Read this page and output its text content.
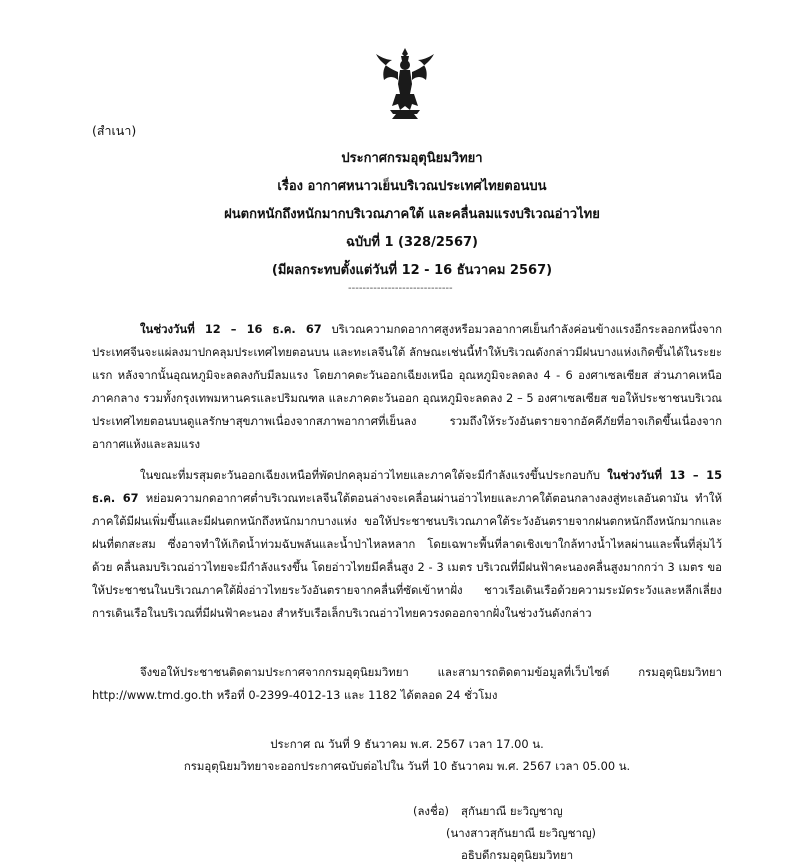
(สำเนา)
ประกาศกรมอุตุนิยมวิทยา
เรื่อง อากาศหนาวเย็นบริเวณประเทศไทยตอนบน
ฝนตกหนักถึงหนักมากบริเวณภาคใต้ และคลื่นลมแรงบริเวณอ่าวไทย
ฉบับที่ 1 (328/2567)
(มีผลกระทบตั้งแต่วันที่ 12 - 16 ธันวาคม 2567)
-----------------------------

ในช่วงวันที่ 12 – 16 ธ.ค. 67 บริเวณความกดอากาศสูงหรือมวลอากาศเย็นกำลังค่อนข้างแรงอีกระลอกหนึ่งจากประเทศจีนจะแผ่ลงมาปกคลุมประเทศไทยตอนบน และทะเลจีนใต้ ลักษณะเช่นนี้ทำให้บริเวณดังกล่าวมีฝนบางแห่งเกิดขึ้นได้ในระยะแรก หลังจากนั้นอุณหภูมิจะลดลงกับมีลมแรง โดยภาคตะวันออกเฉียงเหนือ อุณหภูมิจะลดลง 4 - 6 องศาเซลเซียส ส่วนภาคเหนือ ภาคกลาง รวมทั้งกรุงเทพมหานครและปริมณฑล และภาคตะวันออก อุณหภูมิจะลดลง 2 – 5 องศาเซลเซียส ขอให้ประชาชนบริเวณประเทศไทยตอนบนดูแลรักษาสุขภาพเนื่องจากสภาพอากาศที่เย็นลง รวมถึงให้ระวังอันตรายจากอัคคีภัยที่อาจเกิดขึ้นเนื่องจากอากาศแห้งและลมแรง

ในขณะที่มรสุมตะวันออกเฉียงเหนือที่พัดปกคลุมอ่าวไทยและภาคใต้จะมีกำลังแรงขึ้นประกอบกับ ในช่วงวันที่ 13 – 15 ธ.ค. 67 หย่อมความกดอากาศต่ำบริเวณทะเลจีนใต้ตอนล่างจะเคลื่อนผ่านอ่าวไทยและภาคใต้ตอนกลางลงสู่ทะเลอันดามัน ทำให้ภาคใต้มีฝนเพิ่มขึ้นและมีฝนตกหนักถึงหนักมากบางแห่ง ขอให้ประชาชนบริเวณภาคใต้ระวังอันตรายจากฝนตกหนักถึงหนักมากและฝนที่ตกสะสม ซึ่งอาจทำให้เกิดน้ำท่วมฉับพลันและน้ำป่าไหลหลาก โดยเฉพาะพื้นที่ลาดเชิงเขาใกล้ทางน้ำไหลผ่านและพื้นที่ลุ่มไว้ด้วย คลื่นลมบริเวณอ่าวไทยจะมีกำลังแรงขึ้น โดยอ่าวไทยมีคลื่นสูง 2 - 3 เมตร บริเวณที่มีฝนฟ้าคะนองคลื่นสูงมากกว่า 3 เมตร ขอให้ประชาชนในบริเวณภาคใต้ฝั่งอ่าวไทยระวังอันตรายจากคลื่นที่ซัดเข้าหาฝั่ง ชาวเรือเดินเรือด้วยความระมัดระวังและหลีกเลี่ยงการเดินเรือในบริเวณที่มีฝนฟ้าคะนอง สำหรับเรือเล็กบริเวณอ่าวไทยควรงดออกจากฝั่งในช่วงวันดังกล่าว

จึงขอให้ประชาชนติดตามประกาศจากกรมอุตุนิยมวิทยา และสามารถติดตามข้อมูลที่เว็บไซต์ กรมอุตุนิยมวิทยา http://www.tmd.go.th หรือที่ 0-2399-4012-13 และ 1182 ได้ตลอด 24 ชั่วโมง

ประกาศ ณ วันที่ 9 ธันวาคม พ.ศ. 2567 เวลา 17.00 น.
กรมอุตุนิยมวิทยาจะออกประกาศฉบับต่อไปใน วันที่ 10 ธันวาคม พ.ศ. 2567 เวลา 05.00 น.
(ลงชื่อ) สุกันยาณี ยะวิญชาญ
(นางสาวสุกันยาณี ยะวิญชาญ)
อธิบดีกรมอุตุนิยมวิทยา
